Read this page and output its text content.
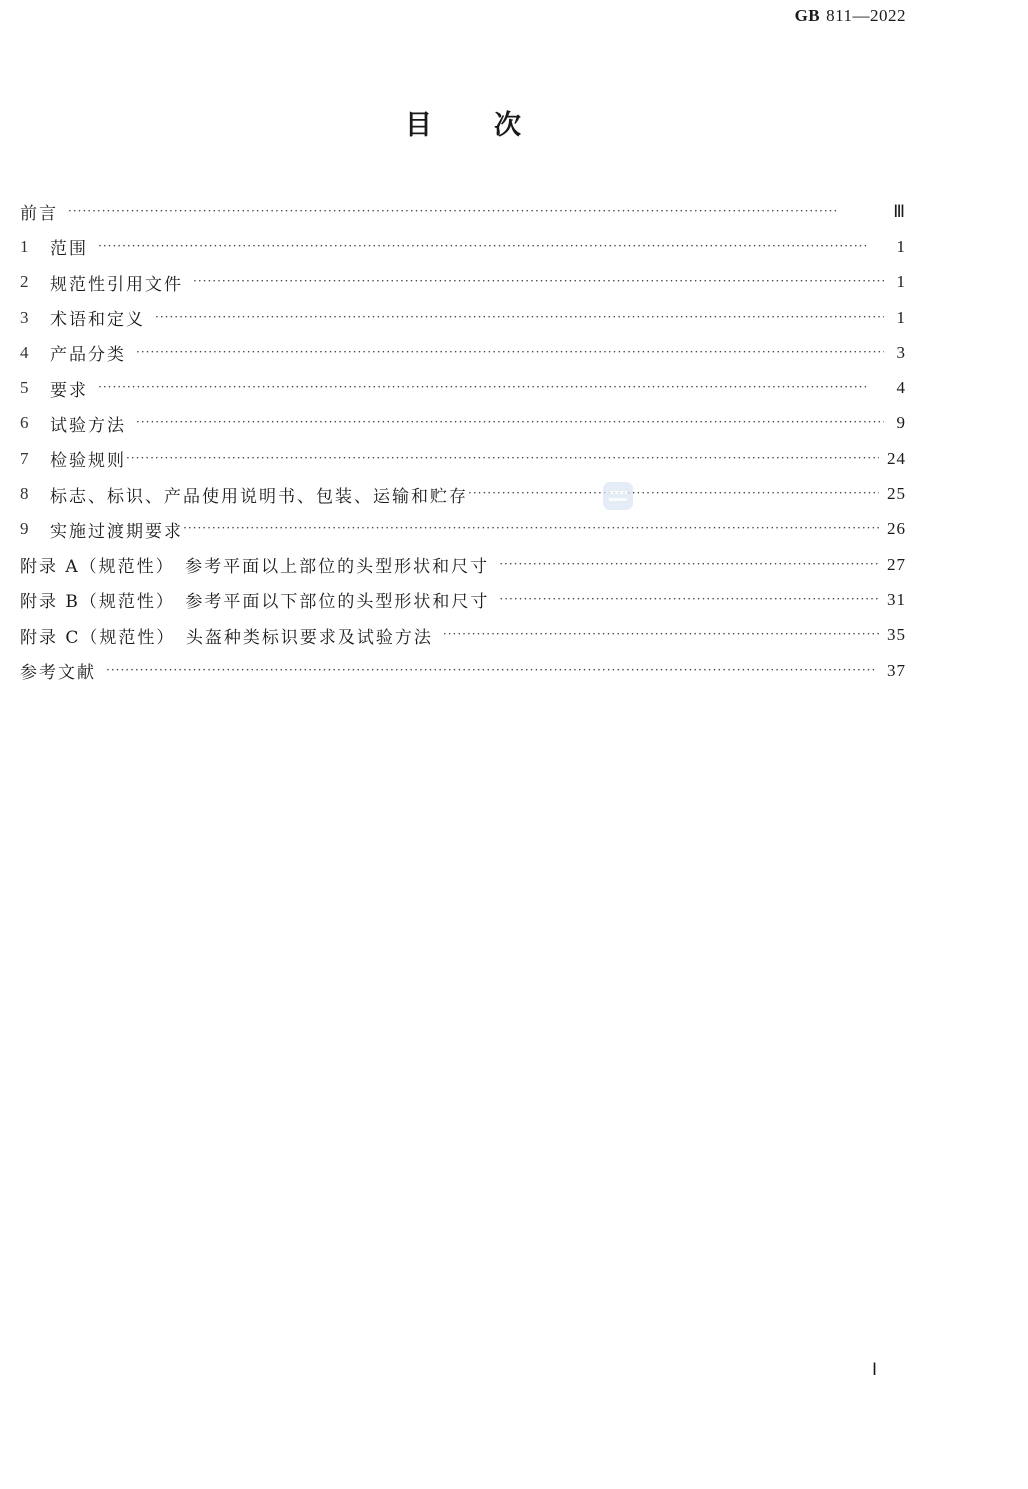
GB 811—2022
目 次
前言 ·····	Ⅲ
1	范围 ·····	1
2	规范性引用文件 ·····	1
3	术语和定义 ·····	1
4	产品分类 ·····	3
5	要求 ·····	4
6	试验方法 ·····	9
7	检验规则 ·····	24
8	标志、标识、产品使用说明书、包装、运输和贮存 ·····	25
9	实施过渡期要求 ·····	26
附录 A（规范性）　参考平面以上部位的头型形状和尺寸 ·····	27
附录 B（规范性）　参考平面以下部位的头型形状和尺寸 ·····	31
附录 C（规范性）　头盔种类标识要求及试验方法 ·····	35
参考文献 ·····	37
Ⅰ
